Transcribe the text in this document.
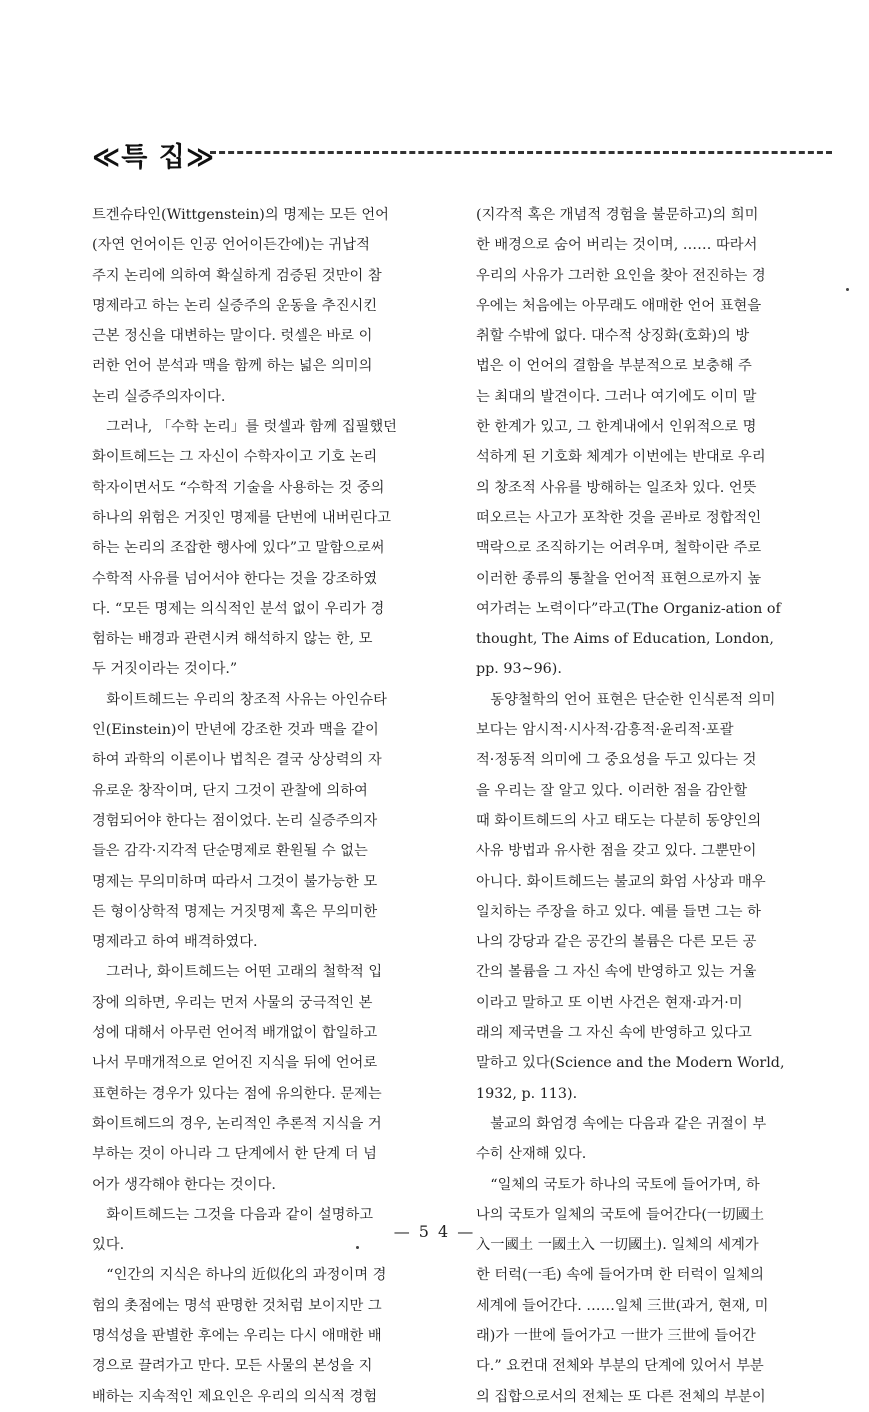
≪특 집≫
트겐슈타인(Wittgenstein)의 명제는 모든 언어
(자연 언어이든 인공 언어이든간에)는 귀납적
주지 논리에 의하여 확실하게 검증된 것만이 참
명제라고 하는 논리 실증주의 운동을 추진시킨
근본 정신을 대변하는 말이다. 럿셀은 바로 이
러한 언어 분석과 맥을 함께 하는 넓은 의미의
논리 실증주의자이다.
　그러나, 「수학 논리」를 럿셀과 함께 집필했던
화이트헤드는 그 자신이 수학자이고 기호 논리
학자이면서도 “수학적 기술을 사용하는 것 중의
하나의 위험은 거짓인 명제를 단번에 내버린다고
하는 논리의 조잡한 행사에 있다”고 말함으로써
수학적 사유를 넘어서야 한다는 것을 강조하였
다. “모든 명제는 의식적인 분석 없이 우리가 경
험하는 배경과 관련시켜 해석하지 않는 한, 모
두 거짓이라는 것이다.”
　화이트헤드는 우리의 창조적 사유는 아인슈타
인(Einstein)이 만년에 강조한 것과 맥을 같이
하여 과학의 이론이나 법칙은 결국 상상력의 자
유로운 창작이며, 단지 그것이 관찰에 의하여
경험되어야 한다는 점이었다. 논리 실증주의자
들은 감각·지각적 단순명제로 환원될 수 없는
명제는 무의미하며 따라서 그것이 불가능한 모
든 형이상학적 명제는 거짓명제 혹은 무의미한
명제라고 하여 배격하였다.
　그러나, 화이트헤드는 어떤 고래의 철학적 입
장에 의하면, 우리는 먼저 사물의 궁극적인 본
성에 대해서 아무런 언어적 배개없이 합일하고
나서 무매개적으로 얻어진 지식을 뒤에 언어로
표현하는 경우가 있다는 점에 유의한다. 문제는
화이트헤드의 경우, 논리적인 추론적 지식을 거
부하는 것이 아니라 그 단계에서 한 단계 더 넘
어가 생각해야 한다는 것이다.
　화이트헤드는 그것을 다음과 같이 설명하고
있다.
　“인간의 지식은 하나의 近似化의 과정이며 경
험의 촛점에는 명석 판명한 것처럼 보이지만 그
명석성을 판별한 후에는 우리는 다시 애매한 배
경으로 끌려가고 만다. 모든 사물의 본성을 지
배하는 지속적인 제요인은 우리의 의식적 경험
(지각적 혹은 개념적 경험을 불문하고)의 희미
한 배경으로 숨어 버리는 것이며, …… 따라서
우리의 사유가 그러한 요인을 찾아 전진하는 경
우에는 처음에는 아무래도 애매한 언어 표현을
취할 수밖에 없다. 대수적 상징화(호화)의 방
법은 이 언어의 결함을 부분적으로 보충해 주
는 최대의 발견이다. 그러나 여기에도 이미 말
한 한계가 있고, 그 한계내에서 인위적으로 명
석하게 된 기호화 체계가 이번에는 반대로 우리
의 창조적 사유를 방해하는 일조차 있다. 언뜻
떠오르는 사고가 포착한 것을 곧바로 정합적인
맥락으로 조직하기는 어려우며, 철학이란 주로
이러한 종류의 통찰을 언어적 표현으로까지 높
여가려는 노력이다”라고(The Organiz-ation of
thought, The Aims of Education, London,
pp. 93∼96).
　동양철학의 언어 표현은 단순한 인식론적 의미
보다는 암시적·시사적·감흥적·윤리적·포괄
적·정동적 의미에 그 중요성을 두고 있다는 것
을 우리는 잘 알고 있다. 이러한 점을 감안할
때 화이트헤드의 사고 태도는 다분히 동양인의
사유 방법과 유사한 점을 갖고 있다. 그뿐만이
아니다. 화이트헤드는 불교의 화엄 사상과 매우
일치하는 주장을 하고 있다. 예를 들면 그는 하
나의 강당과 같은 공간의 볼륨은 다른 모든 공
간의 볼륨을 그 자신 속에 반영하고 있는 거울
이라고 말하고 또 이번 사건은 현재·과거·미
래의 제국면을 그 자신 속에 반영하고 있다고
말하고 있다(Science and the Modern World,
1932, p. 113).
　불교의 화엄경 속에는 다음과 같은 귀절이 부
수히 산재해 있다.
　“일체의 국토가 하나의 국토에 들어가며, 하
나의 국토가 일체의 국토에 들어간다(一切國土
入一國土 一國土入 一切國土). 일체의 세계가
한 터럭(一毛) 속에 들어가며 한 터럭이 일체의
세계에 들어간다. ……일체 三世(과거, 현재, 미
래)가 一世에 들어가고 一世가 三世에 들어간
다.” 요컨대 전체와 부분의 단계에 있어서 부분
의 집합으로서의 전체는 또 다른 전체의 부분이
— 5 4 —
